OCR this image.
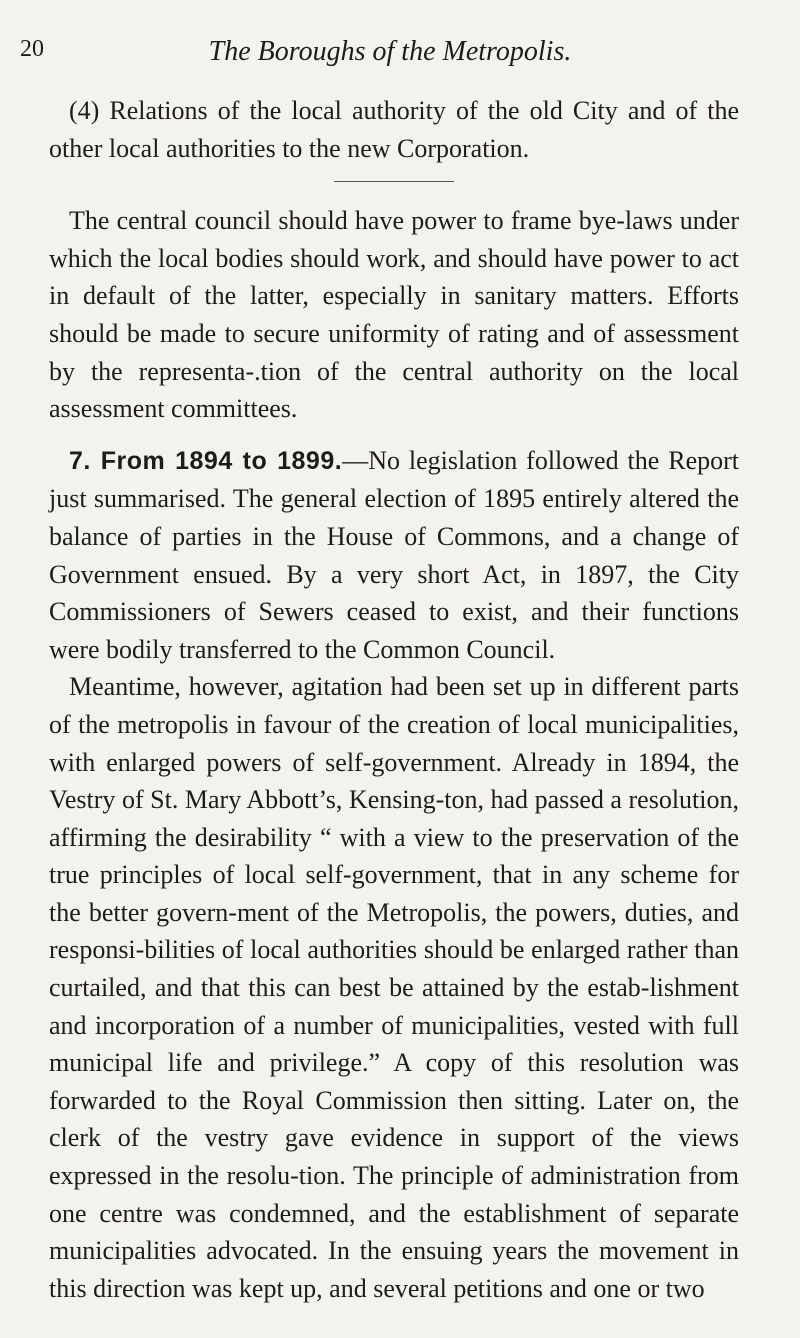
20	The Boroughs of the Metropolis.

(4) Relations of the local authority of the old City and of the other local authorities to the new Corporation.

The central council should have power to frame bye-laws under which the local bodies should work, and should have power to act in default of the latter, especially in sanitary matters. Efforts should be made to secure uniformity of rating and of assessment by the representa-.tion of the central authority on the local assessment committees.

7. From 1894 to 1899.—No legislation followed the Report just summarised. The general election of 1895 entirely altered the balance of parties in the House of Commons, and a change of Government ensued. By a very short Act, in 1897, the City Commissioners of Sewers ceased to exist, and their functions were bodily transferred to the Common Council.

Meantime, however, agitation had been set up in different parts of the metropolis in favour of the creation of local municipalities, with enlarged powers of self-government. Already in 1894, the Vestry of St. Mary Abbott’s, Kensing-ton, had passed a resolution, affirming the desirability “ with a view to the preservation of the true principles of local self-government, that in any scheme for the better govern-ment of the Metropolis, the powers, duties, and responsi-bilities of local authorities should be enlarged rather than curtailed, and that this can best be attained by the estab-lishment and incorporation of a number of municipalities, vested with full municipal life and privilege.” A copy of this resolution was forwarded to the Royal Commission then sitting. Later on, the clerk of the vestry gave evidence in support of the views expressed in the resolu-tion. The principle of administration from one centre was condemned, and the establishment of separate municipalities advocated. In the ensuing years the movement in this direction was kept up, and several petitions and one or two
